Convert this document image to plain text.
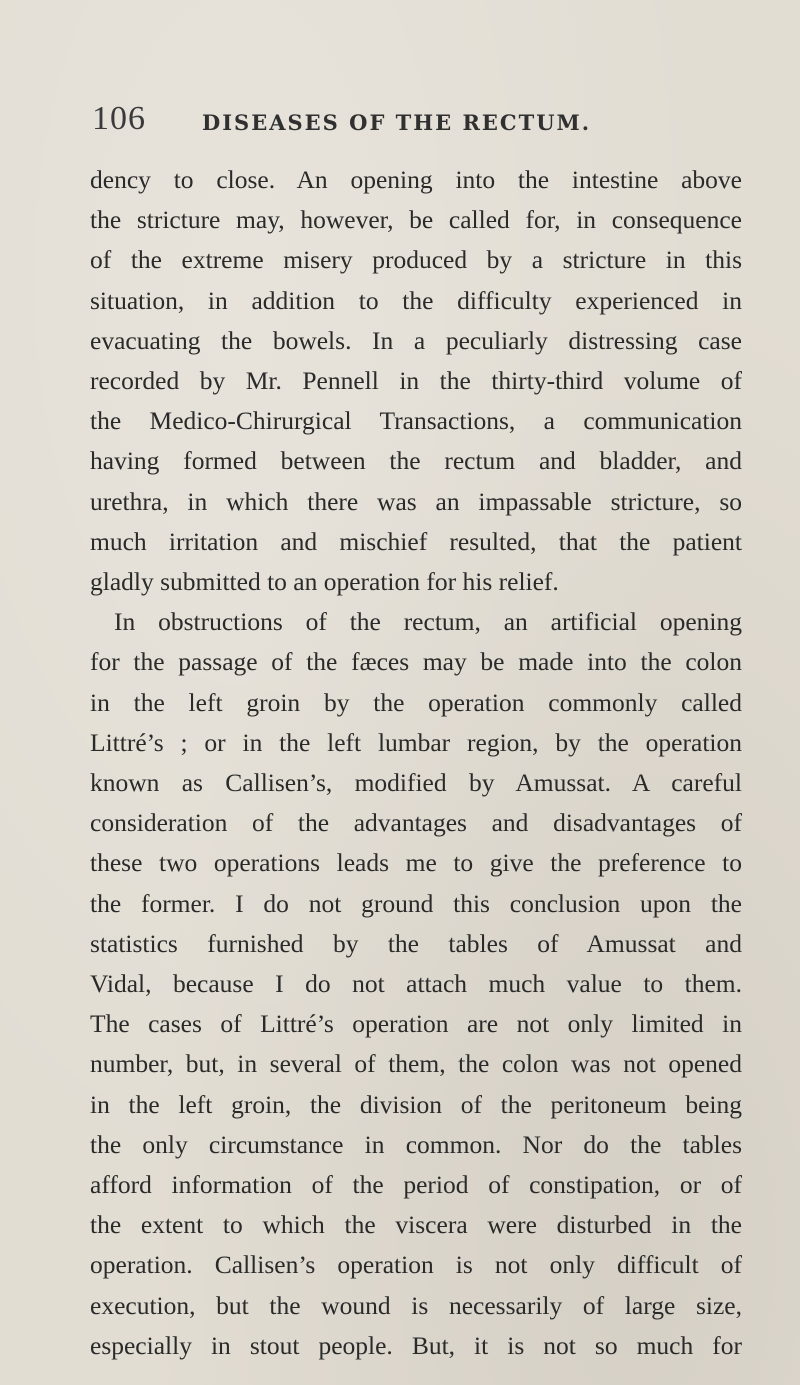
106	DISEASES OF THE RECTUM.

dency to close. An opening into the intestine above

the stricture may, however, be called for, in consequence

of the extreme misery produced by a stricture in this

situation, in addition to the difficulty experienced in

evacuating the bowels. In a peculiarly distressing case

recorded by Mr. Pennell in the thirty-third volume of

the Medico-Chirurgical Transactions, a communication

having formed between the rectum and bladder, and

urethra, in which there was an impassable stricture, so

much irritation and mischief resulted, that the patient

gladly submitted to an operation for his relief.

In obstructions of the rectum, an artificial opening

for the passage of the fæces may be made into the colon

in the left groin by the operation commonly called

Littré’s ; or in the left lumbar region, by the operation

known as Callisen’s, modified by Amussat. A careful

consideration of the advantages and disadvantages of

these two operations leads me to give the preference to

the former. I do not ground this conclusion upon the

statistics furnished by the tables of Amussat and

Vidal, because I do not attach much value to them.

The cases of Littré’s operation are not only limited in

number, but, in several of them, the colon was not opened

in the left groin, the division of the peritoneum being

the only circumstance in common. Nor do the tables

afford information of the period of constipation, or of

the extent to which the viscera were disturbed in the

operation. Callisen’s operation is not only difficult of

execution, but the wound is necessarily of large size,

especially in stout people. But, it is not so much for
